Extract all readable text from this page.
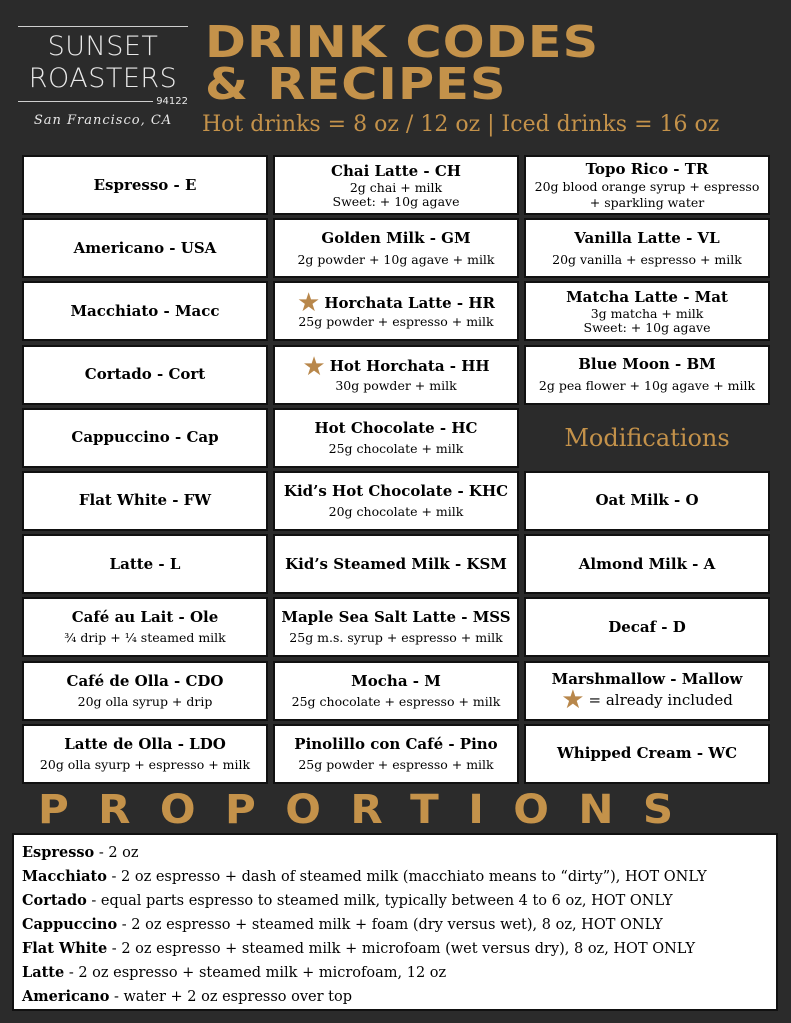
SUNSET
ROASTERS
94122
San Francisco, CA
DRINK CODES
& RECIPES
Hot drinks = 8 oz / 12 oz | Iced drinks = 16 oz
Espresso - E
Chai Latte - CH
2g chai + milk
Sweet: + 10g agave
Topo Rico - TR
20g blood orange syrup + espresso
+ sparkling water
Americano - USA
Golden Milk - GM
2g powder + 10g agave + milk
Vanilla Latte - VL
20g vanilla + espresso + milk
Macchiato - Macc	★ Horchata Latte - HR
25g powder + espresso + milk
Matcha Latte - Mat
3g matcha + milk
Sweet: + 10g agave
Cortado - Cort	★ Hot Horchata - HH
30g powder + milk
Blue Moon - BM
2g pea flower + 10g agave + milk
Cappuccino - Cap
Hot Chocolate - HC
25g chocolate + milk	Modifications
Flat White - FW
Kid’s Hot Chocolate - KHC
20g chocolate + milk
Oat Milk - O
Latte - L	Kid’s Steamed Milk - KSM	Almond Milk - A
Café au Lait - Ole
¾ drip + ¼ steamed milk
Maple Sea Salt Latte - MSS
25g m.s. syrup + espresso + milk
Decaf - D
Café de Olla - CDO
20g olla syrup + drip
Mocha - M
25g chocolate + espresso + milk
Marshmallow - Mallow
★ = already included
Latte de Olla - LDO
20g olla syurp + espresso + milk
Pinolillo con Café - Pino
25g powder + espresso + milk
Whipped Cream - WC
PROPORTIONS
Espresso - 2 oz
Macchiato - 2 oz espresso + dash of steamed milk (macchiato means to “dirty”), HOT ONLY
Cortado - equal parts espresso to steamed milk, typically between 4 to 6 oz, HOT ONLY
Cappuccino - 2 oz espresso + steamed milk + foam (dry versus wet), 8 oz, HOT ONLY
Flat White - 2 oz espresso + steamed milk + microfoam (wet versus dry), 8 oz, HOT ONLY
Latte - 2 oz espresso + steamed milk + microfoam, 12 oz
Americano - water + 2 oz espresso over top
